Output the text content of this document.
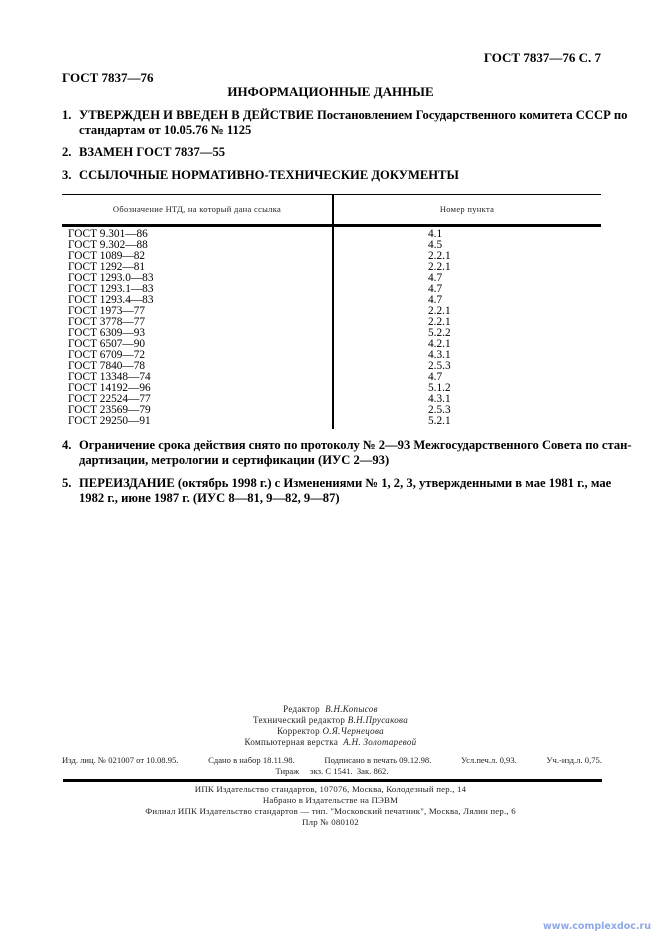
ГОСТ 7837—76 С. 7
ГОСТ 7837—76
ИНФОРМАЦИОННЫЕ ДАННЫЕ
1. УТВЕРЖДЕН И ВВЕДЕН В ДЕЙСТВИЕ Постановлением Государственного комитета СССР по
стандартам от 10.05.76 № 1125
2. ВЗАМЕН ГОСТ 7837—55
3. ССЫЛОЧНЫЕ НОРМАТИВНО-ТЕХНИЧЕСКИЕ ДОКУМЕНТЫ
Обозначение НТД, на который дана ссылка	Номер пункта
ГОСТ 9.301—86	4.1
ГОСТ 9.302—88	4.5
ГОСТ 1089—82	2.2.1
ГОСТ 1292—81	2.2.1
ГОСТ 1293.0—83	4.7
ГОСТ 1293.1—83	4.7
ГОСТ 1293.4—83	4.7
ГОСТ 1973—77	2.2.1
ГОСТ 3778—77	2.2.1
ГОСТ 6309—93	5.2.2
ГОСТ 6507—90	4.2.1
ГОСТ 6709—72	4.3.1
ГОСТ 7840—78	2.5.3
ГОСТ 13348—74	4.7
ГОСТ 14192—96	5.1.2
ГОСТ 22524—77	4.3.1
ГОСТ 23569—79	2.5.3
ГОСТ 29250—91	5.2.1
4. Ограничение срока действия снято по протоколу № 2—93 Межгосударственного Совета по стан-
дартизации, метрологии и сертификации (ИУС 2—93)
5. ПЕРЕИЗДАНИЕ (октябрь 1998 г.) с Изменениями № 1, 2, 3, утвержденными в мае 1981 г., мае
1982 г., июне 1987 г. (ИУС 8—81, 9—82, 9—87)
Редактор В.Н.Копысов
Технический редактор В.Н.Прусакова
Корректор О.Я.Чернецова
Компьютерная верстка А.Н. Золотаревой
Изд. лиц. № 021007 от 10.08.95.	Сдано в набор 18.11.98.	Подписано в печать 09.12.98.	Усл.печ.л. 0,93.	Уч.-изд.л. 0,75.
Тираж     экз. С 1541.  Зак. 862.
ИПК Издательство стандартов, 107076, Москва, Колодезный пер., 14
Набрано в Издательстве на ПЭВМ
Филиал ИПК Издательство стандартов — тип. "Московский печатник", Москва, Лялин пер., 6
Плр № 080102
www.complexdoc.ru
